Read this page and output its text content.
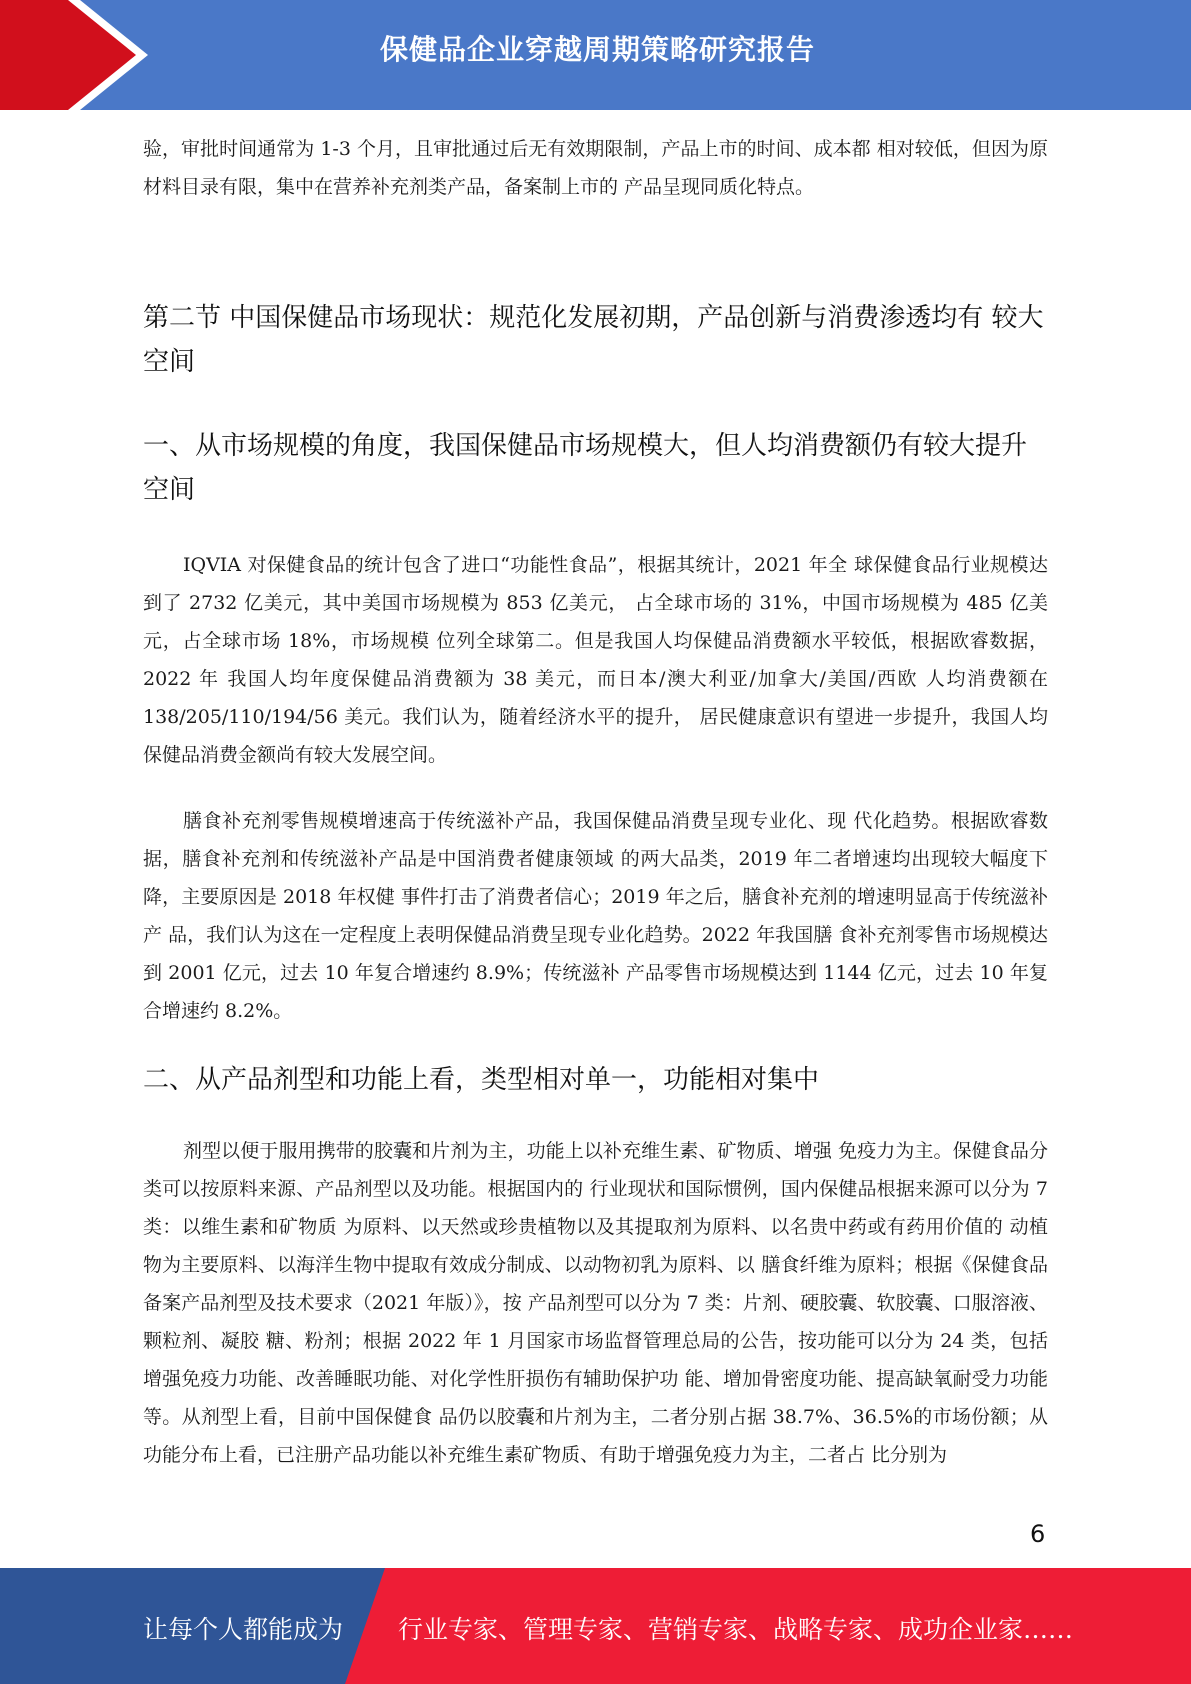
保健品企业穿越周期策略研究报告

验，审批时间通常为 1-3 个月，且审批通过后无有效期限制，产品上市的时间、成本都 相对较低，但因为原材料目录有限，集中在营养补充剂类产品，备案制上市的 产品呈现同质化特点。

第二节 中国保健品市场现状：规范化发展初期，产品创新与消费渗透均有 较大空间
一、从市场规模的角度，我国保健品市场规模大，但人均消费额仍有较大提升 空间

IQVIA 对保健食品的统计包含了进口“功能性食品”，根据其统计，2021 年全 球保健食品行业规模达到了 2732 亿美元，其中美国市场规模为 853 亿美元， 占全球市场的 31%，中国市场规模为 485 亿美元，占全球市场 18%，市场规模 位列全球第二。但是我国人均保健品消费额水平较低，根据欧睿数据，2022 年 我国人均年度保健品消费额为 38 美元，而日本/澳大利亚/加拿大/美国/西欧 人均消费额在 138/205/110/194/56 美元。我们认为，随着经济水平的提升， 居民健康意识有望进一步提升，我国人均保健品消费金额尚有较大发展空间。

膳食补充剂零售规模增速高于传统滋补产品，我国保健品消费呈现专业化、现 代化趋势。根据欧睿数据，膳食补充剂和传统滋补产品是中国消费者健康领域 的两大品类，2019 年二者增速均出现较大幅度下降，主要原因是 2018 年权健 事件打击了消费者信心；2019 年之后，膳食补充剂的增速明显高于传统滋补产 品，我们认为这在一定程度上表明保健品消费呈现专业化趋势。2022 年我国膳 食补充剂零售市场规模达到 2001 亿元，过去 10 年复合增速约 8.9%；传统滋补 产品零售市场规模达到 1144 亿元，过去 10 年复合增速约 8.2%。

二、从产品剂型和功能上看，类型相对单一，功能相对集中

剂型以便于服用携带的胶囊和片剂为主，功能上以补充维生素、矿物质、增强 免疫力为主。保健食品分类可以按原料来源、产品剂型以及功能。根据国内的 行业现状和国际惯例，国内保健品根据来源可以分为 7 类：以维生素和矿物质 为原料、以天然或珍贵植物以及其提取剂为原料、以名贵中药或有药用价值的 动植物为主要原料、以海洋生物中提取有效成分制成、以动物初乳为原料、以 膳食纤维为原料；根据《保健食品备案产品剂型及技术要求（2021 年版）》，按 产品剂型可以分为 7 类：片剂、硬胶囊、软胶囊、口服溶液、颗粒剂、凝胶 糖、粉剂；根据 2022 年 1 月国家市场监督管理总局的公告，按功能可以分为 24 类，包括增强免疫力功能、改善睡眠功能、对化学性肝损伤有辅助保护功 能、增加骨密度功能、提高缺氧耐受力功能等。从剂型上看，目前中国保健食 品仍以胶囊和片剂为主，二者分别占据 38.7%、36.5%的市场份额；从功能分布上看，已注册产品功能以补充维生素矿物质、有助于增强免疫力为主，二者占 比分别为

6
让每个人都能成为 行业专家、管理专家、营销专家、战略专家、成功企业家……
